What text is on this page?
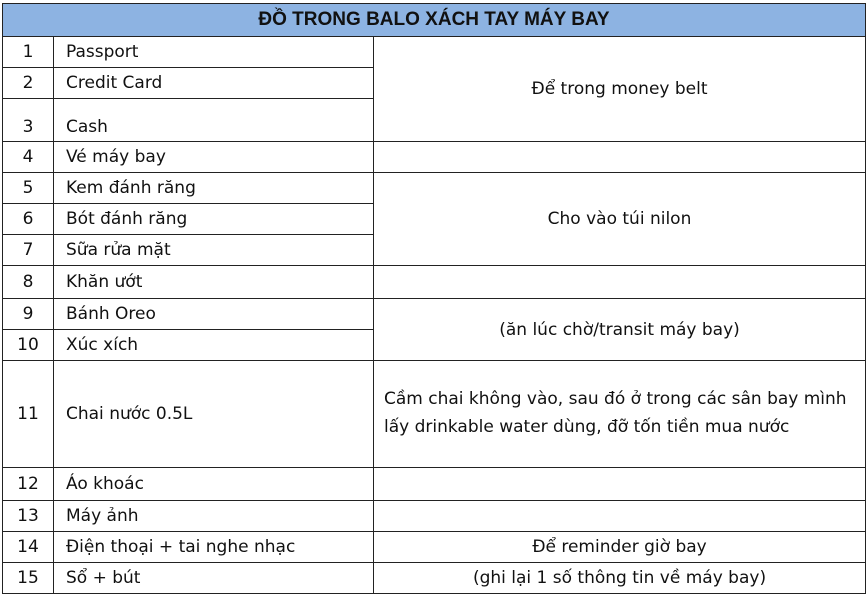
ĐỒ TRONG BALO XÁCH TAY MÁY BAY		
1	Passport	Để trong money belt
2	Credit Card	
3	Cash	
4	Vé máy bay	
5	Kem đánh răng	Cho vào túi nilon
6	Bót đánh răng	
7	Sữa rửa mặt	
8	Khăn ướt	
9	Bánh Oreo	(ăn lúc chờ/transit máy bay)
10	Xúc xích	
11	Chai nước 0.5L	Cầm chai không vào, sau đó ở trong các sân bay mình lấy drinkable water dùng, đỡ tốn tiền mua nước
12	Áo khoác	
13	Máy ảnh	
14	Điện thoại + tai nghe nhạc	Để reminder giờ bay
15	Sổ + bút	(ghi lại 1 số thông tin về máy bay)
